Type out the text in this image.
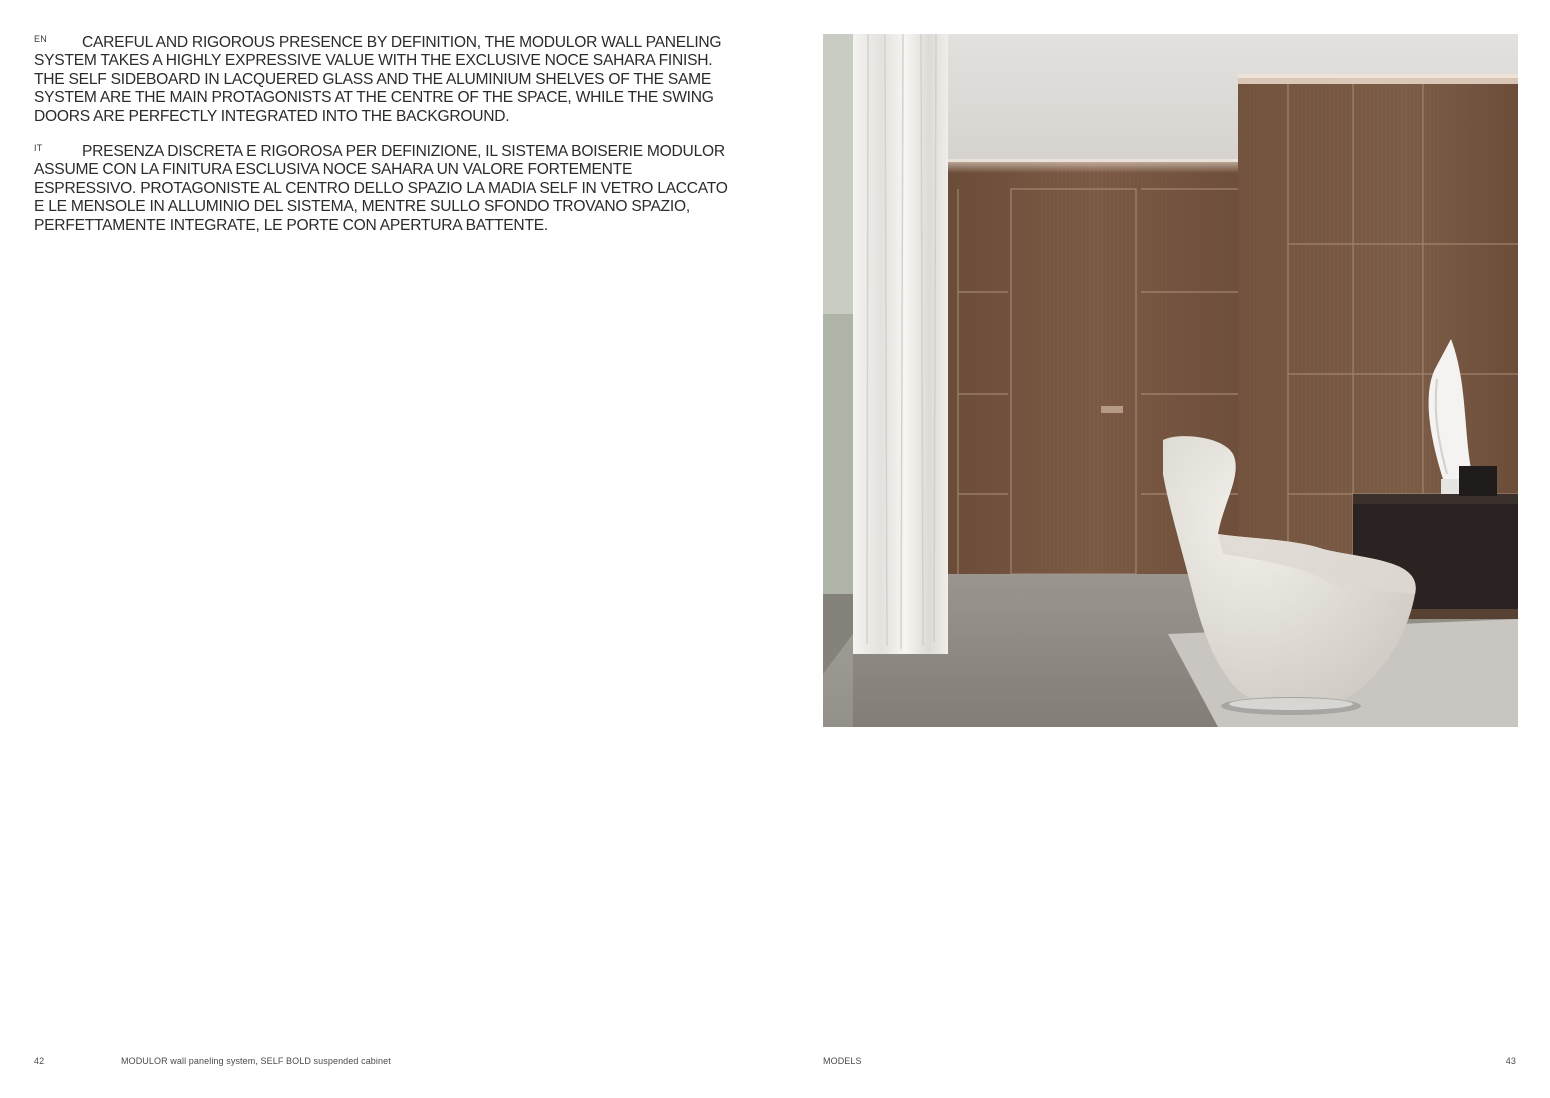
EN	CAREFUL AND RIGOROUS PRESENCE BY DEFINITION, THE MODULOR WALL PANELING SYSTEM TAKES A HIGHLY EXPRESSIVE VALUE WITH THE EXCLUSIVE NOCE SAHARA FINISH. THE SELF SIDEBOARD IN LACQUERED GLASS AND THE ALUMINIUM SHELVES OF THE SAME SYSTEM ARE THE MAIN PROTAGONISTS AT THE CENTRE OF THE SPACE, WHILE THE SWING DOORS ARE PERFECTLY INTEGRATED INTO THE BACKGROUND.

IT	PRESENZA DISCRETA E RIGOROSA PER DEFINIZIONE, IL SISTEMA BOISERIE MODULOR ASSUME CON LA FINITURA ESCLUSIVA NOCE SAHARA UN VALORE FORTEMENTE ESPRESSIVO. PROTAGONISTE AL CENTRO DELLO SPAZIO LA MADIA SELF IN VETRO LACCATO E LE MENSOLE IN ALLUMINIO DEL SISTEMA, MENTRE SULLO SFONDO TROVANO SPAZIO, PERFETTAMENTE INTEGRATE, LE PORTE CON APERTURA BATTENTE.

42	MODULOR wall paneling system, SELF BOLD suspended cabinet	MODELS	43
